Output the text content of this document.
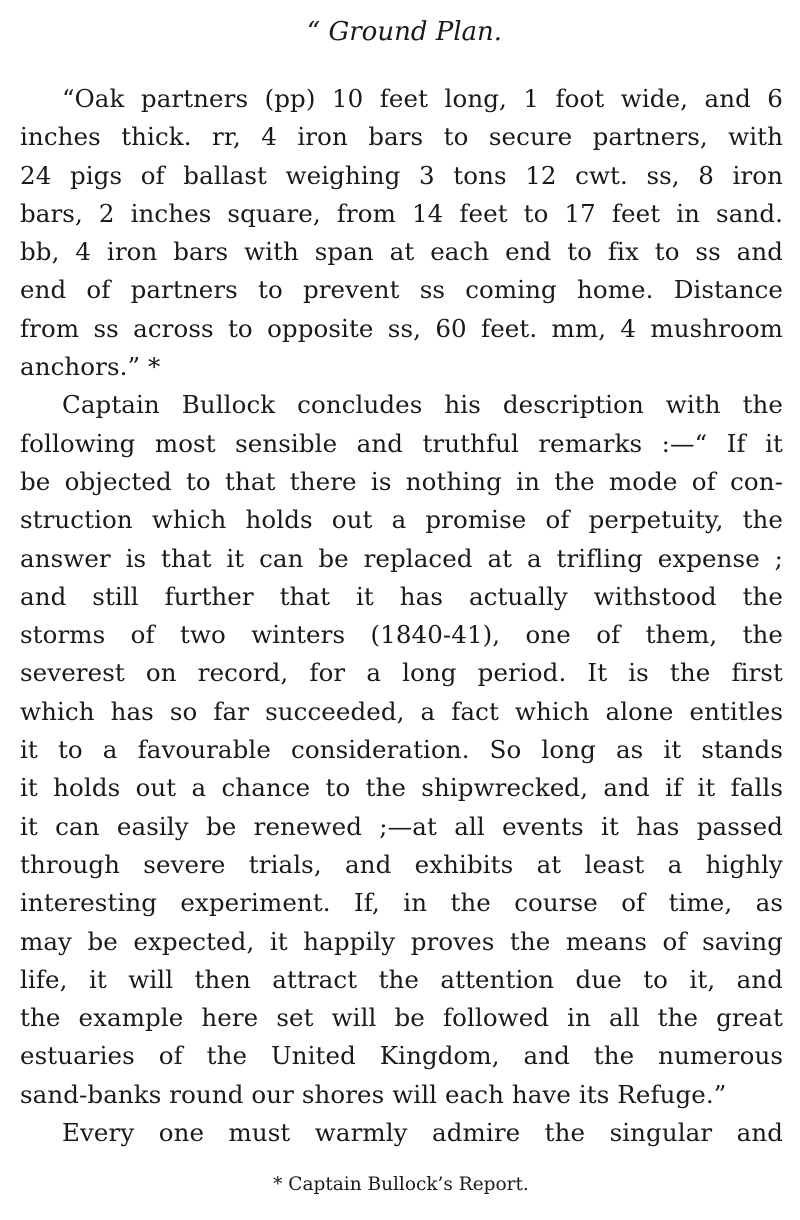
“ Ground Plan.
“Oak partners (pp) 10 feet long, 1 foot wide, and 6
inches thick. rr, 4 iron bars to secure partners, with
24 pigs of ballast weighing 3 tons 12 cwt. ss, 8 iron
bars, 2 inches square, from 14 feet to 17 feet in sand.
bb, 4 iron bars with span at each end to fix to ss and
end of partners to prevent ss coming home. Distance
from ss across to opposite ss, 60 feet. mm, 4 mushroom
anchors.” *
Captain Bullock concludes his description with the
following most sensible and truthful remarks :—“ If it
be objected to that there is nothing in the mode of con-
struction which holds out a promise of perpetuity, the
answer is that it can be replaced at a trifling expense ;
and still further that it has actually withstood the
storms of two winters (1840-41), one of them, the
severest on record, for a long period. It is the first
which has so far succeeded, a fact which alone entitles
it to a favourable consideration. So long as it stands
it holds out a chance to the shipwrecked, and if it falls
it can easily be renewed ;—at all events it has passed
through severe trials, and exhibits at least a highly
interesting experiment. If, in the course of time, as
may be expected, it happily proves the means of saving
life, it will then attract the attention due to it, and
the example here set will be followed in all the great
estuaries of the United Kingdom, and the numerous
sand-banks round our shores will each have its Refuge.”
Every one must warmly admire the singular and
* Captain Bullock’s Report.
